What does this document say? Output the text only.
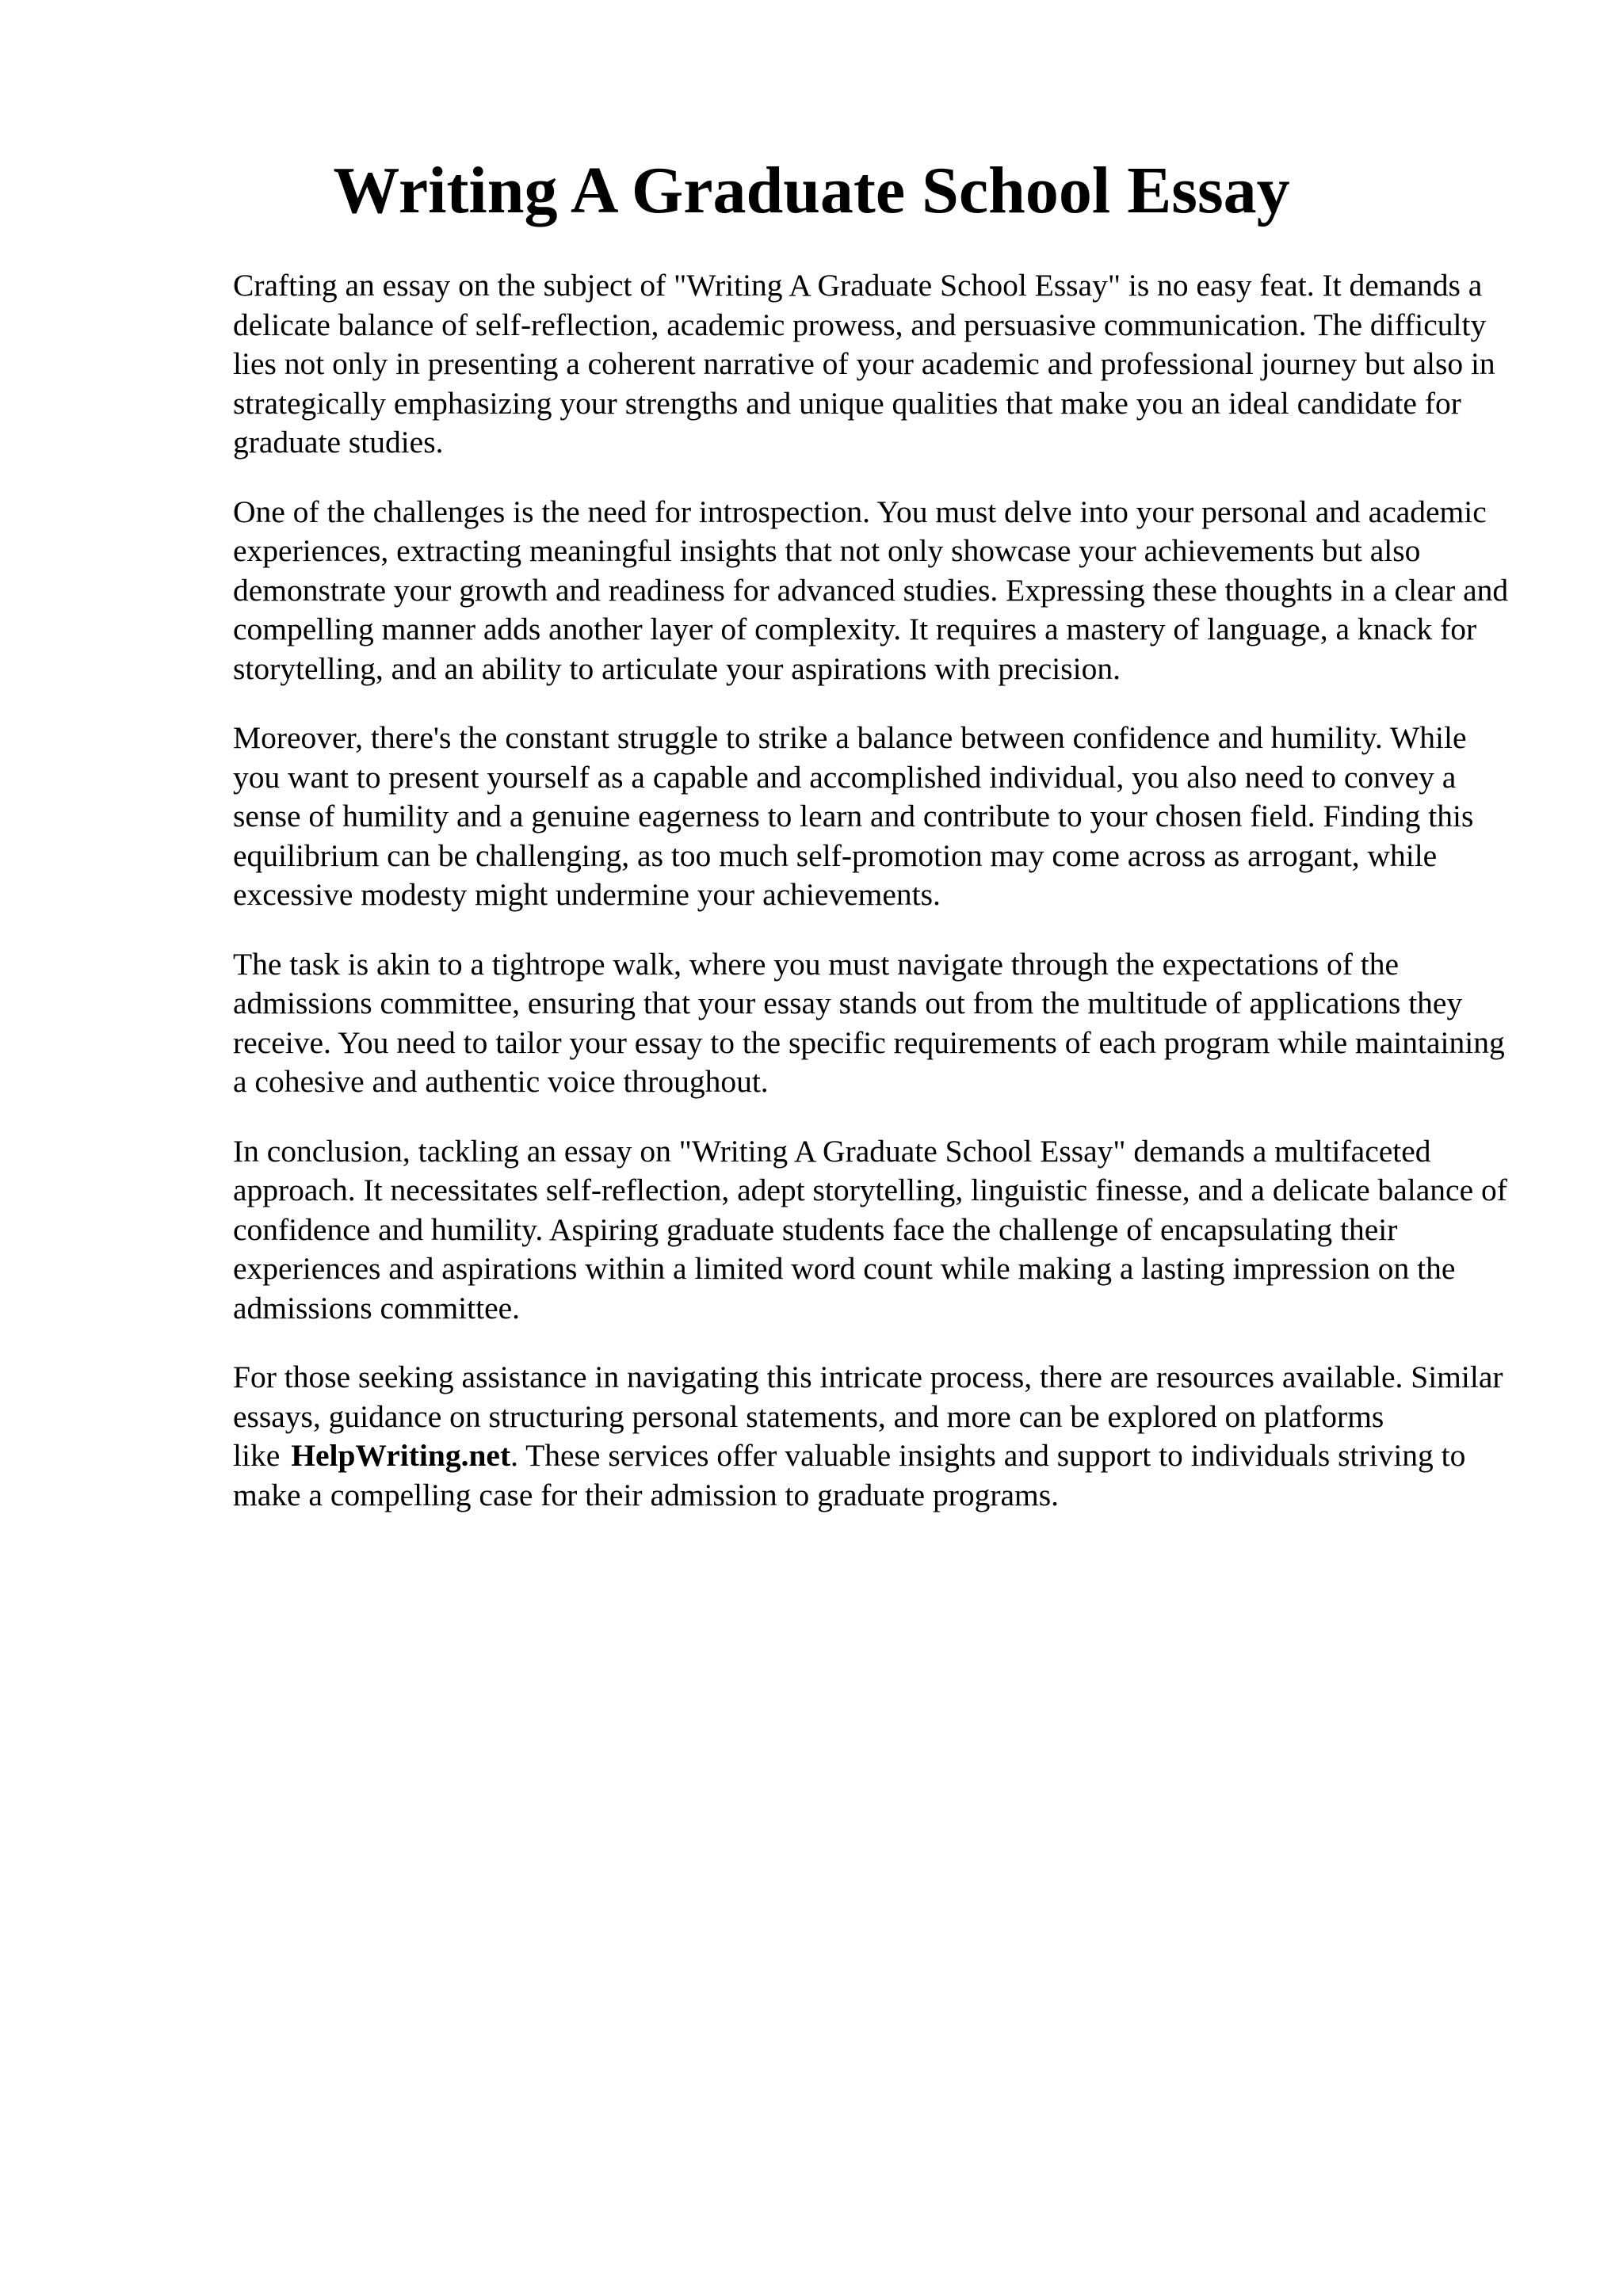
Writing A Graduate School Essay

Crafting an essay on the subject of "Writing A Graduate School Essay" is no easy feat. It demands a delicate balance of self-reflection, academic prowess, and persuasive communication. The difficulty lies not only in presenting a coherent narrative of your academic and professional journey but also in strategically emphasizing your strengths and unique qualities that make you an ideal candidate for graduate studies.

One of the challenges is the need for introspection. You must delve into your personal and academic experiences, extracting meaningful insights that not only showcase your achievements but also demonstrate your growth and readiness for advanced studies. Expressing these thoughts in a clear and compelling manner adds another layer of complexity. It requires a mastery of language, a knack for storytelling, and an ability to articulate your aspirations with precision.

Moreover, there's the constant struggle to strike a balance between confidence and humility. While you want to present yourself as a capable and accomplished individual, you also need to convey a sense of humility and a genuine eagerness to learn and contribute to your chosen field. Finding this equilibrium can be challenging, as too much self-promotion may come across as arrogant, while excessive modesty might undermine your achievements.

The task is akin to a tightrope walk, where you must navigate through the expectations of the admissions committee, ensuring that your essay stands out from the multitude of applications they receive. You need to tailor your essay to the specific requirements of each program while maintaining a cohesive and authentic voice throughout.

In conclusion, tackling an essay on "Writing A Graduate School Essay" demands a multifaceted approach. It necessitates self-reflection, adept storytelling, linguistic finesse, and a delicate balance of confidence and humility. Aspiring graduate students face the challenge of encapsulating their experiences and aspirations within a limited word count while making a lasting impression on the admissions committee.

For those seeking assistance in navigating this intricate process, there are resources available. Similar essays, guidance on structuring personal statements, and more can be explored on platforms like HelpWriting.net. These services offer valuable insights and support to individuals striving to make a compelling case for their admission to graduate programs.
